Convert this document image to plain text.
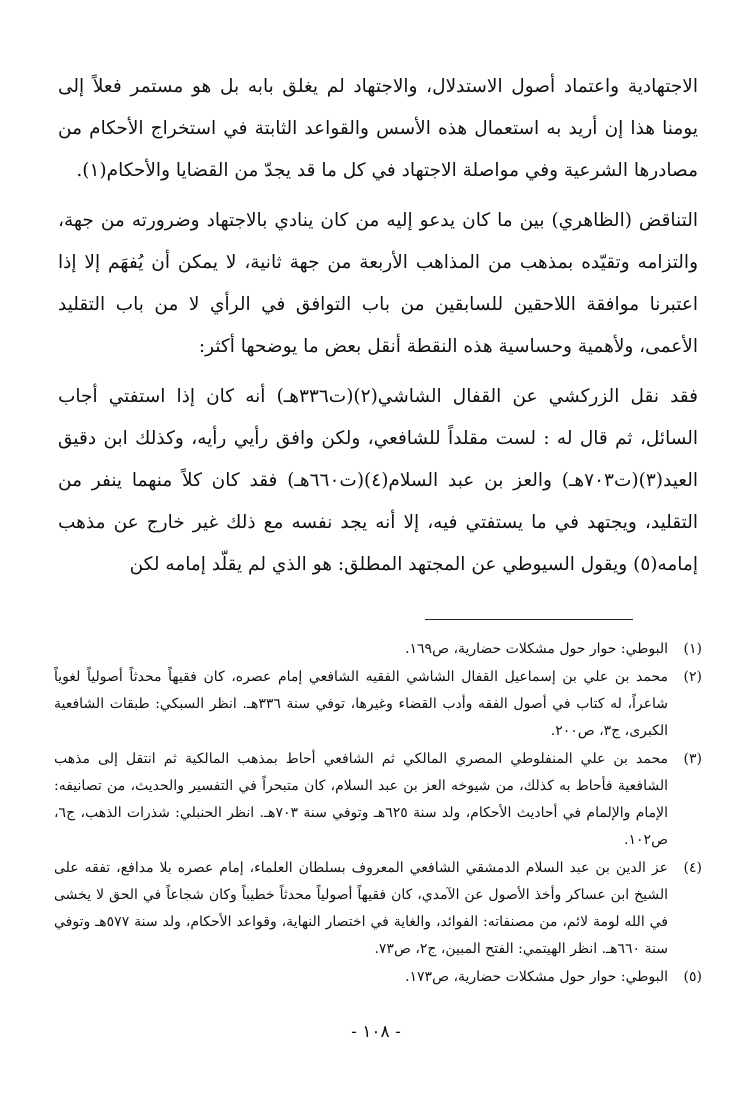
الاجتهادية واعتماد أصول الاستدلال، والاجتهاد لم يغلق بابه بل هو مستمر فعلاً إلى يومنا هذا إن أريد به استعمال هذه الأسس والقواعد الثابتة في استخراج الأحكام من مصادرها الشرعية وفي مواصلة الاجتهاد في كل ما قد يجدّ من القضايا والأحكام(١).

التناقض (الظاهري) بين ما كان يدعو إليه من كان ينادي بالاجتهاد وضرورته من جهة، والتزامه وتقيّده بمذهب من المذاهب الأربعة من جهة ثانية، لا يمكن أن يُفهَم إلا إذا اعتبرنا موافقة اللاحقين للسابقين من باب التوافق في الرأي لا من باب التقليد الأعمى، ولأهمية وحساسية هذه النقطة أنقل بعض ما يوضحها أكثر:

فقد نقل الزركشي عن القفال الشاشي(٢)(ت٣٣٦هـ) أنه كان إذا استفتي أجاب السائل، ثم قال له : لست مقلداً للشافعي، ولكن وافق رأيي رأيه، وكذلك ابن دقيق العيد(٣)(ت٧٠٣هـ) والعز بن عبد السلام(٤)(ت٦٦٠هـ) فقد كان كلاً منهما ينفر من التقليد، ويجتهد في ما يستفتي فيه، إلا أنه يجد نفسه مع ذلك غير خارج عن مذهب إمامه(٥) ويقول السيوطي عن المجتهد المطلق: هو الذي لم يقلّد إمامه لكن

(١)
البوطي: حوار حول مشكلات حضارية، ص١٦٩.
(٢)
محمد بن علي بن إسماعيل القفال الشاشي الفقيه الشافعي إمام عصره، كان فقيهاً محدثاً أصولياً لغوياً شاعراً، له كتاب في أصول الفقه وأدب القضاء وغيرها، توفي سنة ٣٣٦هـ. انظر السبكي: طبقات الشافعية الكبرى، ج٣، ص٢٠٠.
(٣)
محمد بن علي المنفلوطي المصري المالكي ثم الشافعي أحاط بمذهب المالكية ثم انتقل إلى مذهب الشافعية فأحاط به كذلك، من شيوخه العز بن عبد السلام، كان متبحراً في التفسير والحديث، من تصانيفه: الإمام والإلمام في أحاديث الأحكام، ولد سنة ٦٢٥هـ وتوفي سنة ٧٠٣هـ. انظر الحنبلي: شذرات الذهب، ج٦، ص١٠٢.
(٤)
عز الدين بن عبد السلام الدمشقي الشافعي المعروف بسلطان العلماء، إمام عصره بلا مدافع، تفقه على الشيخ ابن عساكر وأخذ الأصول عن الآمدي، كان فقيهاً أصولياً محدثاً خطيباً وكان شجاعاً في الحق لا يخشى في الله لومة لائم، من مصنفاته: الفوائد، والغاية في اختصار النهاية، وقواعد الأحكام، ولد سنة ٥٧٧هـ وتوفي سنة ٦٦٠هـ. انظر الهيتمي: الفتح المبين، ج٢، ص٧٣.
(٥)
البوطي: حوار حول مشكلات حضارية، ص١٧٣.
- ١٠٨ -
